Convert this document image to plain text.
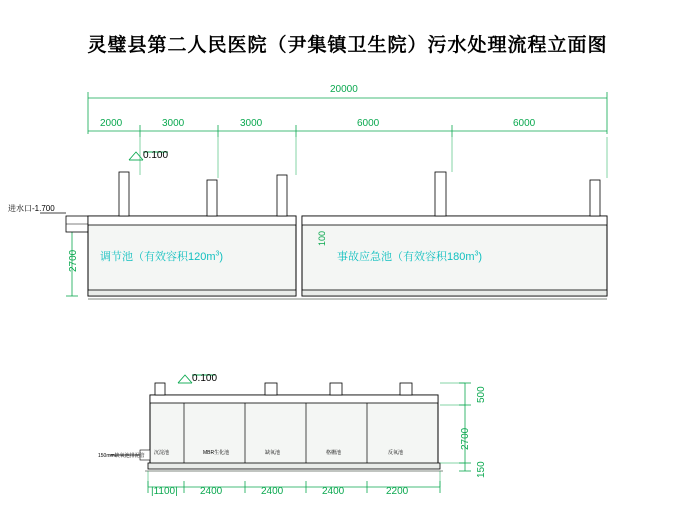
灵璧县第二人民医院（尹集镇卫生院）污水处理流程立面图
20000
2000	3000	3000	6000	6000
0.100
进水口-1.700
2700
100
调节池（有效容积$120m^3$)	事故应急池（有效容积$180m^3$)
0.100
150mm缺氧池排泥管 沉淀池	MBR生化池	缺氧池	格栅池	反氧池
|1100| 2400	2400	2400	2200
500
2700
150
